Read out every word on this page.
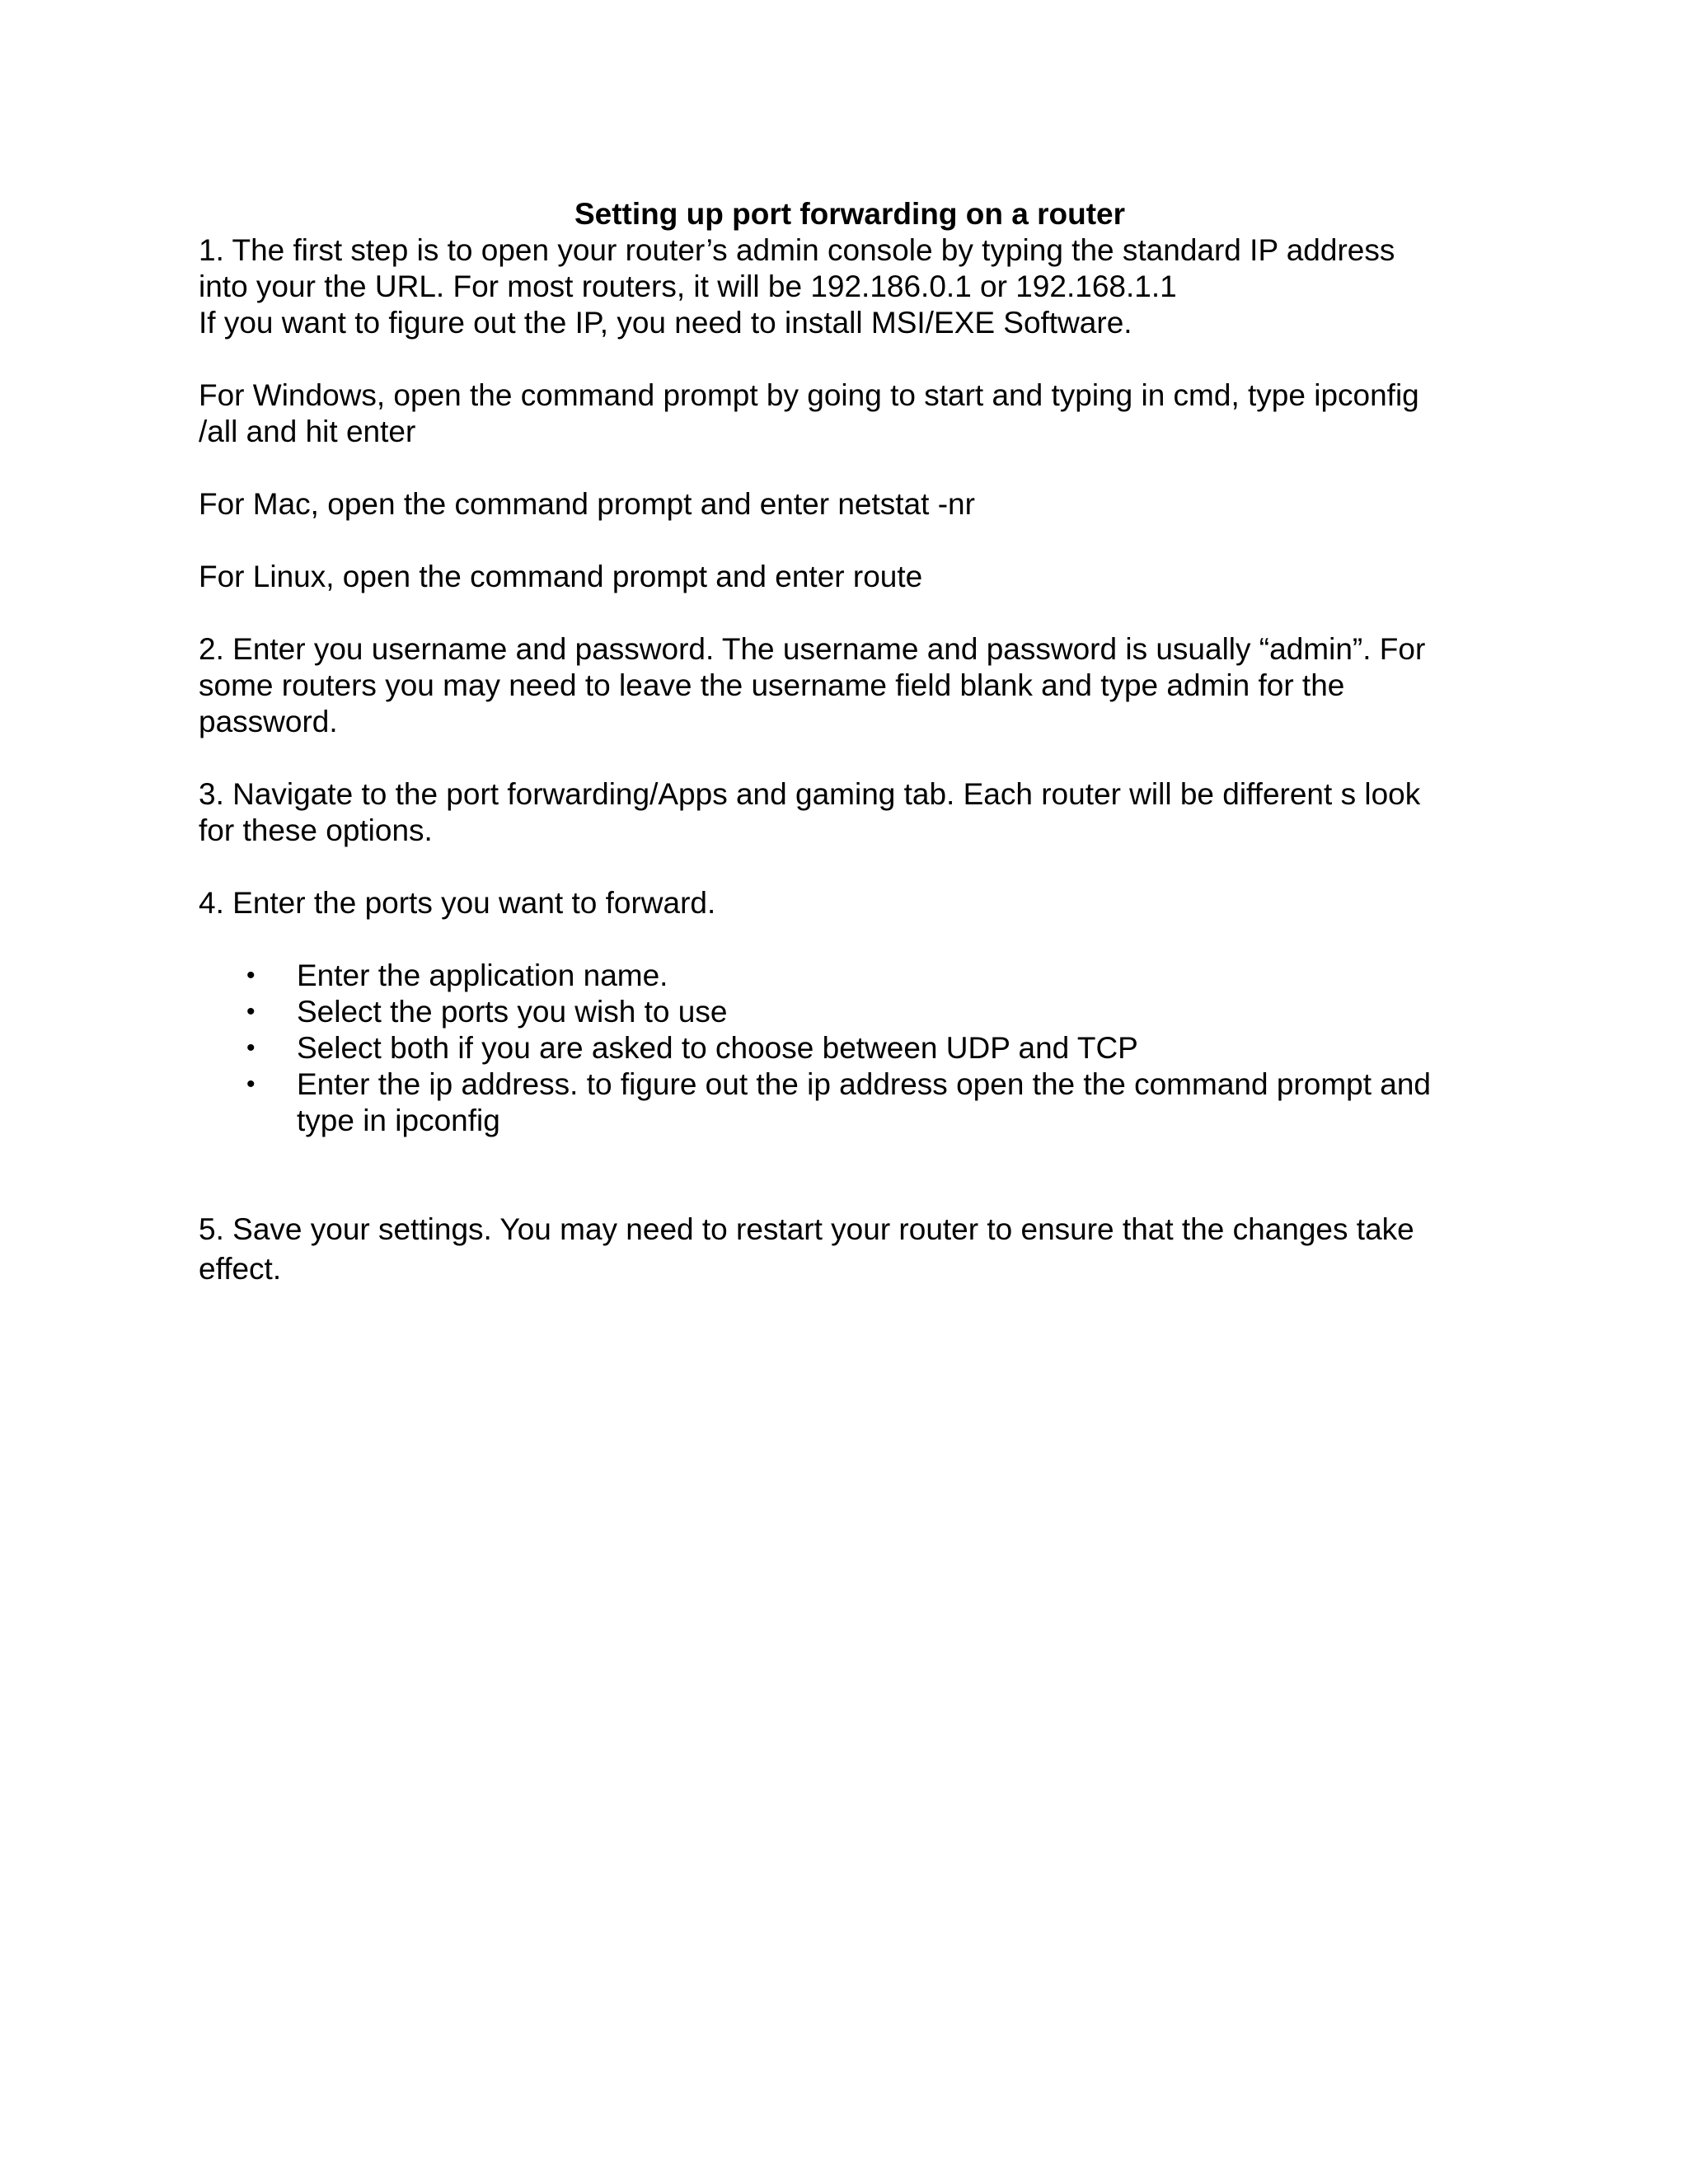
Setting up port forwarding on a router

1. The first step is to open your router’s admin console by typing the standard IP address

into your the URL. For most routers, it will be 192.186.0.1 or 192.168.1.1

If you want to figure out the IP, you need to install MSI/EXE Software.

For Windows, open the command prompt by going to start and typing in cmd, type ipconfig

/all and hit enter

For Mac, open the command prompt and enter netstat -nr

For Linux, open the command prompt and enter route

2. Enter you username and password. The username and password is usually “admin”. For

some routers you may need to leave the username field blank and type admin for the

password.

3. Navigate to the port forwarding/Apps and gaming tab. Each router will be different s look

for these options.

4. Enter the ports you want to forward.

• Enter the application name.
• Select the ports you wish to use
• Select both if you are asked to choose between UDP and TCP
• Enter the ip address. to figure out the ip address open the the command prompt and
type in ipconfig

5. Save your settings. You may need to restart your router to ensure that the changes take

effect.
